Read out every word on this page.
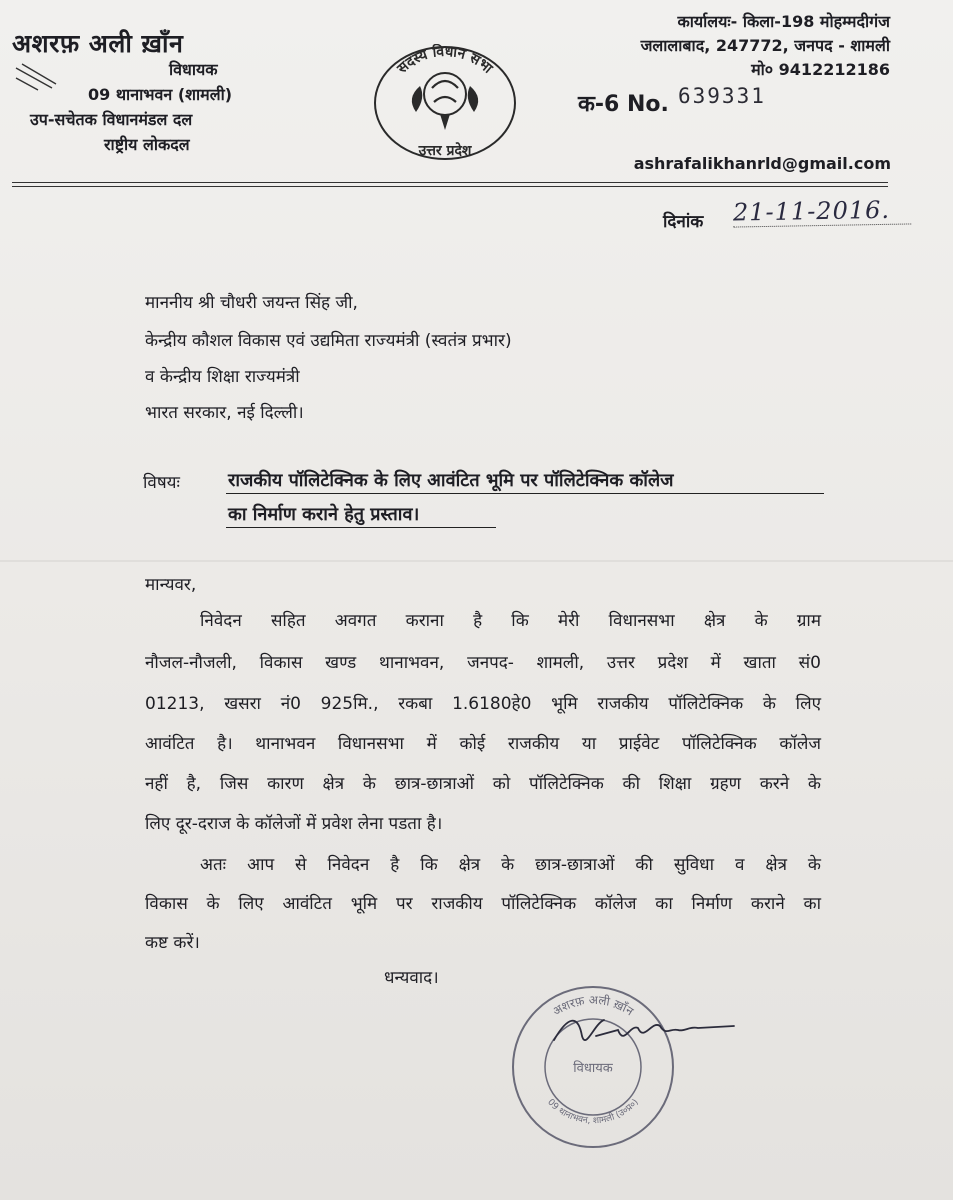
अशरफ़ अली ख़ाँन
विधायक
09 थानाभवन (शामली)
उप-सचेतक विधानमंडल दल
राष्ट्रीय लोकदल
सदस्य विधान सभा
उत्तर प्रदेश
कार्यालयः- किला-198 मोहम्मदीगंज
जलालाबाद, 247772, जनपद - शामली
मो० 9412212186
क-6 No. 639331
ashrafalikhanrld@gmail.com
दिनांक 21-11-2016.
माननीय श्री चौधरी जयन्त सिंह जी,
केन्द्रीय कौशल विकास एवं उद्यमिता राज्यमंत्री (स्वतंत्र प्रभार)
व केन्द्रीय शिक्षा राज्यमंत्री
भारत सरकार, नई दिल्ली।
विषयः	राजकीय पॉलिटेक्निक के लिए आवंटित भूमि पर पॉलिटेक्निक कॉलेज
का निर्माण कराने हेतु प्रस्ताव।
मान्यवर,
निवेदन सहित अवगत कराना है कि मेरी विधानसभा क्षेत्र के ग्राम
नौजल-नौजली, विकास खण्ड थानाभवन, जनपद- शामली, उत्तर प्रदेश में खाता सं0
01213, खसरा नं0 925मि., रकबा 1.6180हे0 भूमि राजकीय पॉलिटेक्निक के लिए
आवंटित है। थानाभवन विधानसभा में कोई राजकीय या प्राईवेट पॉलिटेक्निक कॉलेज
नहीं है, जिस कारण क्षेत्र के छात्र-छात्राओं को पॉलिटेक्निक की शिक्षा ग्रहण करने के
लिए दूर-दराज के कॉलेजों में प्रवेश लेना पडता है।
अतः आप से निवेदन है कि क्षेत्र के छात्र-छात्राओं की सुविधा व क्षेत्र के
विकास के लिए आवंटित भूमि पर राजकीय पॉलिटेक्निक कॉलेज का निर्माण कराने का
कष्ट करें।
धन्यवाद।
अशरफ़ अली ख़ाँन
विधायक
09 थानाभवन, शामली (उ०प्र०)
